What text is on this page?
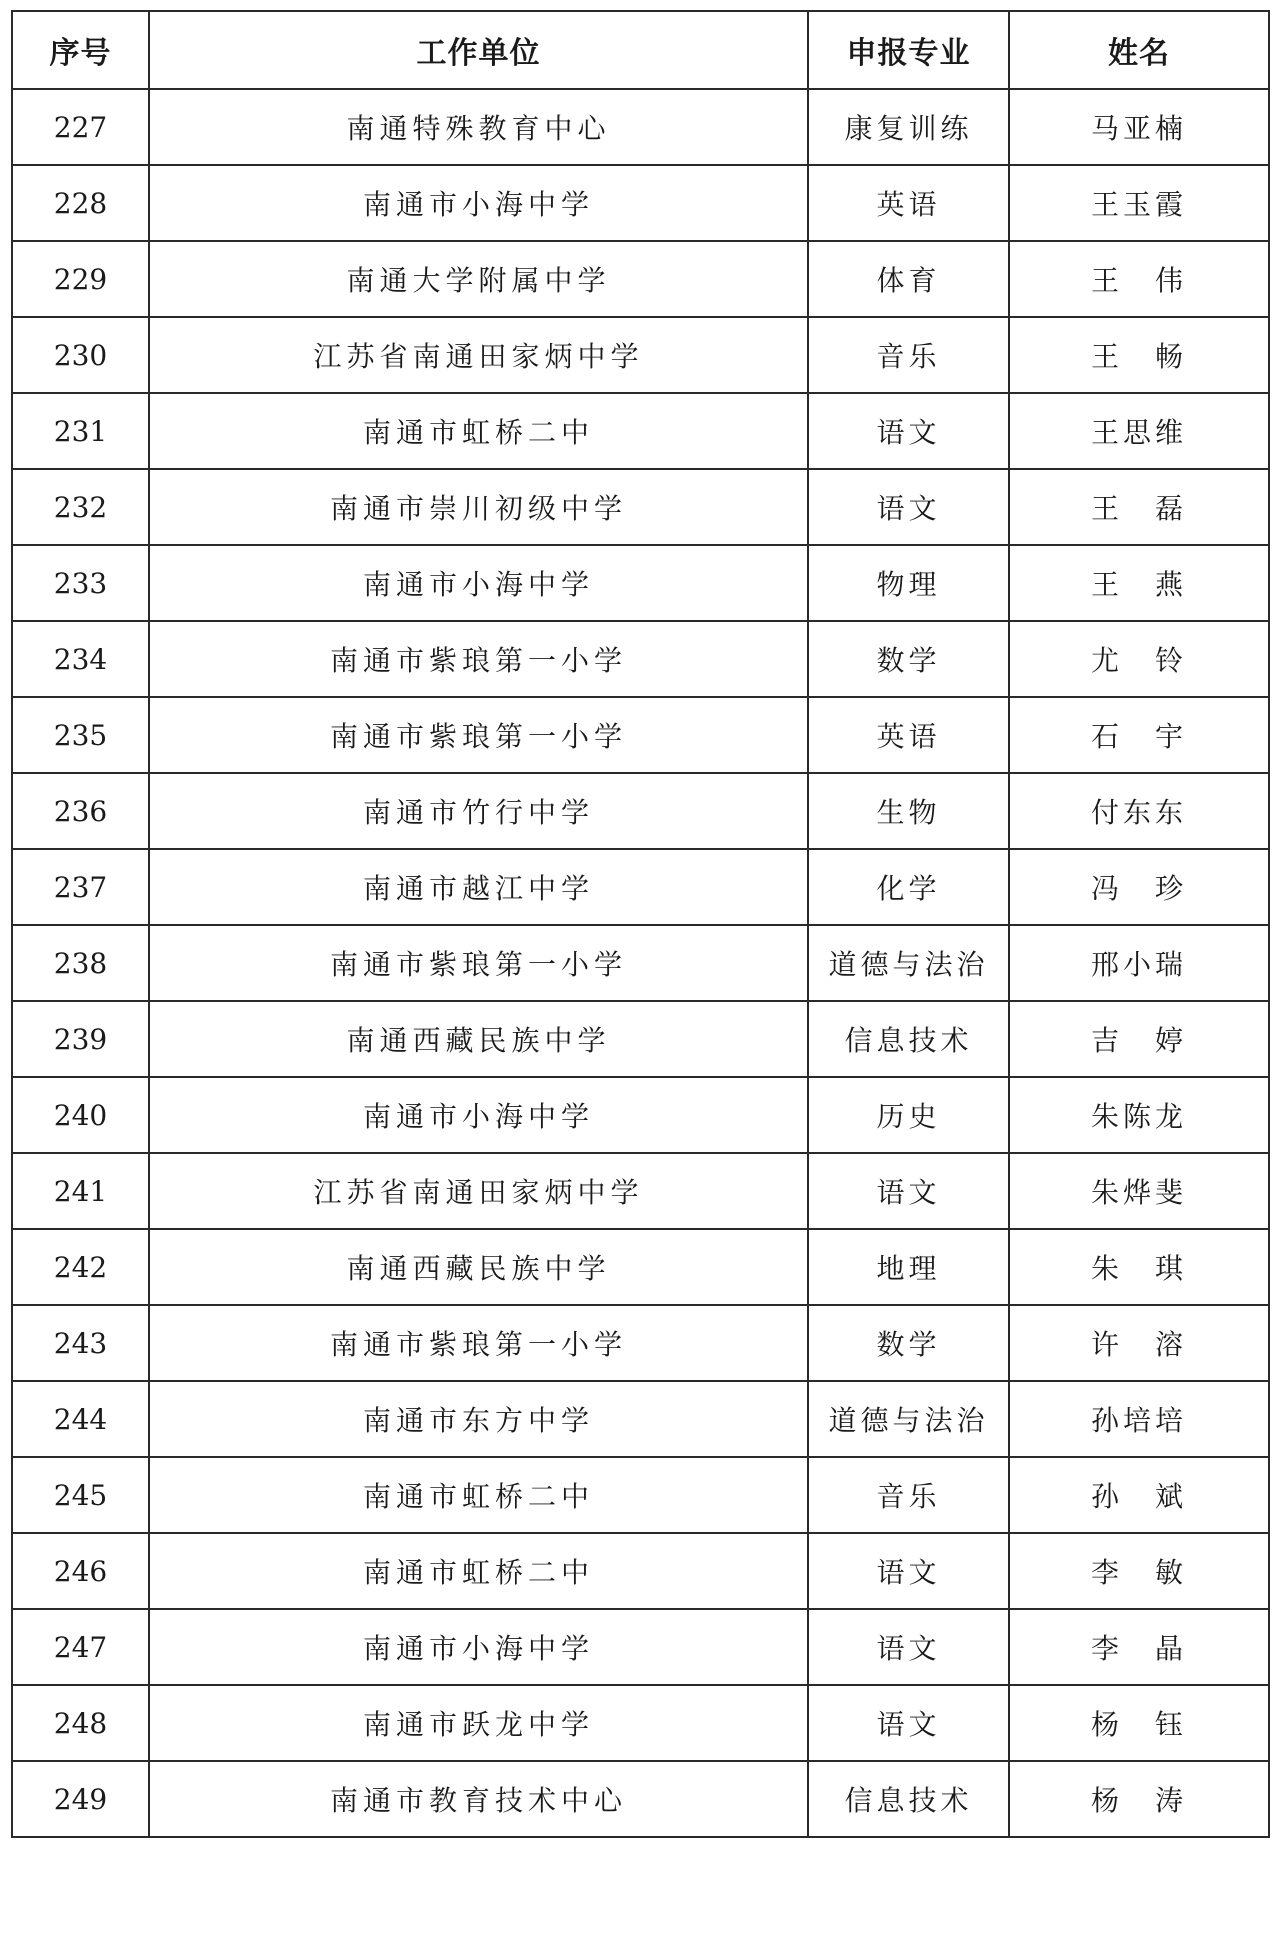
序号	工作单位	申报专业	姓名
227	南通特殊教育中心	康复训练	马亚楠
228	南通市小海中学	英语	王玉霞
229	南通大学附属中学	体育	王　伟
230	江苏省南通田家炳中学	音乐	王　畅
231	南通市虹桥二中	语文	王思维
232	南通市崇川初级中学	语文	王　磊
233	南通市小海中学	物理	王　燕
234	南通市紫琅第一小学	数学	尤　铃
235	南通市紫琅第一小学	英语	石　宇
236	南通市竹行中学	生物	付东东
237	南通市越江中学	化学	冯　珍
238	南通市紫琅第一小学	道德与法治	邢小瑞
239	南通西藏民族中学	信息技术	吉　婷
240	南通市小海中学	历史	朱陈龙
241	江苏省南通田家炳中学	语文	朱烨斐
242	南通西藏民族中学	地理	朱　琪
243	南通市紫琅第一小学	数学	许　溶
244	南通市东方中学	道德与法治	孙培培
245	南通市虹桥二中	音乐	孙　斌
246	南通市虹桥二中	语文	李　敏
247	南通市小海中学	语文	李　晶
248	南通市跃龙中学	语文	杨　钰
249	南通市教育技术中心	信息技术	杨　涛
